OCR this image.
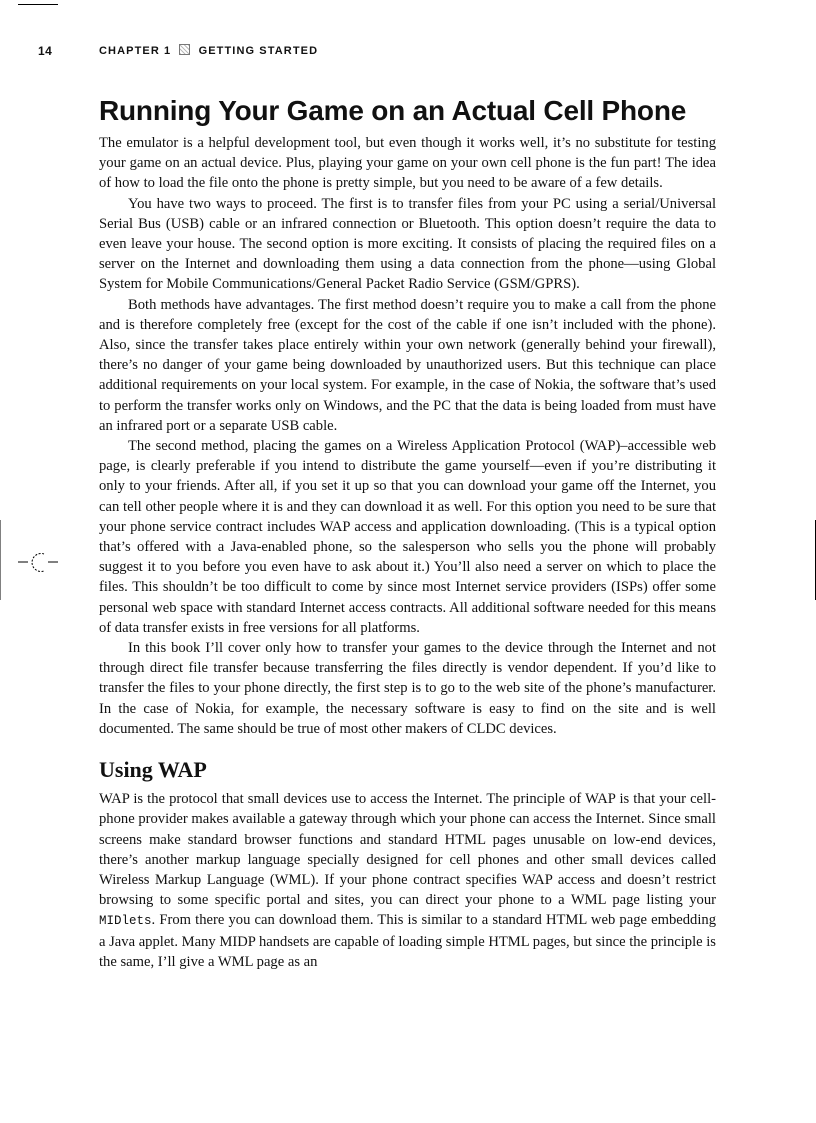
14	CHAPTER 1 GETTING STARTED
Running Your Game on an Actual Cell Phone

The emulator is a helpful development tool, but even though it works well, it’s no substitute for testing your game on an actual device. Plus, playing your game on your own cell phone is the fun part! The idea of how to load the file onto the phone is pretty simple, but you need to be aware of a few details.

You have two ways to proceed. The first is to transfer files from your PC using a serial/Universal Serial Bus (USB) cable or an infrared connection or Bluetooth. This option doesn’t require the data to even leave your house. The second option is more exciting. It consists of placing the required files on a server on the Internet and downloading them using a data connection from the phone—using Global System for Mobile Communications/General Packet Radio Service (GSM/GPRS).

Both methods have advantages. The first method doesn’t require you to make a call from the phone and is therefore completely free (except for the cost of the cable if one isn’t included with the phone). Also, since the transfer takes place entirely within your own network (generally behind your firewall), there’s no danger of your game being downloaded by unauthorized users. But this technique can place additional requirements on your local system. For example, in the case of Nokia, the software that’s used to perform the transfer works only on Windows, and the PC that the data is being loaded from must have an infrared port or a separate USB cable.

The second method, placing the games on a Wireless Application Protocol (WAP)–accessible web page, is clearly preferable if you intend to distribute the game yourself—even if you’re distributing it only to your friends. After all, if you set it up so that you can download your game off the Internet, you can tell other people where it is and they can download it as well. For this option you need to be sure that your phone service contract includes WAP access and application downloading. (This is a typical option that’s offered with a Java-enabled phone, so the salesperson who sells you the phone will probably suggest it to you before you even have to ask about it.) You’ll also need a server on which to place the files. This shouldn’t be too difficult to come by since most Internet service providers (ISPs) offer some personal web space with standard Internet access contracts. All additional software needed for this means of data transfer exists in free versions for all platforms.

In this book I’ll cover only how to transfer your games to the device through the Internet and not through direct file transfer because transferring the files directly is vendor dependent. If you’d like to transfer the files to your phone directly, the first step is to go to the web site of the phone’s manufacturer. In the case of Nokia, for example, the necessary software is easy to find on the site and is well documented. The same should be true of most other makers of CLDC devices.

Using WAP

WAP is the protocol that small devices use to access the Internet. The principle of WAP is that your cell-phone provider makes available a gateway through which your phone can access the Internet. Since small screens make standard browser functions and standard HTML pages unusable on low-end devices, there’s another markup language specially designed for cell phones and other small devices called Wireless Markup Language (WML). If your phone contract specifies WAP access and doesn’t restrict browsing to some specific portal and sites, you can direct your phone to a WML page listing your MIDlets. From there you can download them. This is similar to a standard HTML web page embedding a Java applet. Many MIDP handsets are capable of loading simple HTML pages, but since the principle is the same, I’ll give a WML page as an
